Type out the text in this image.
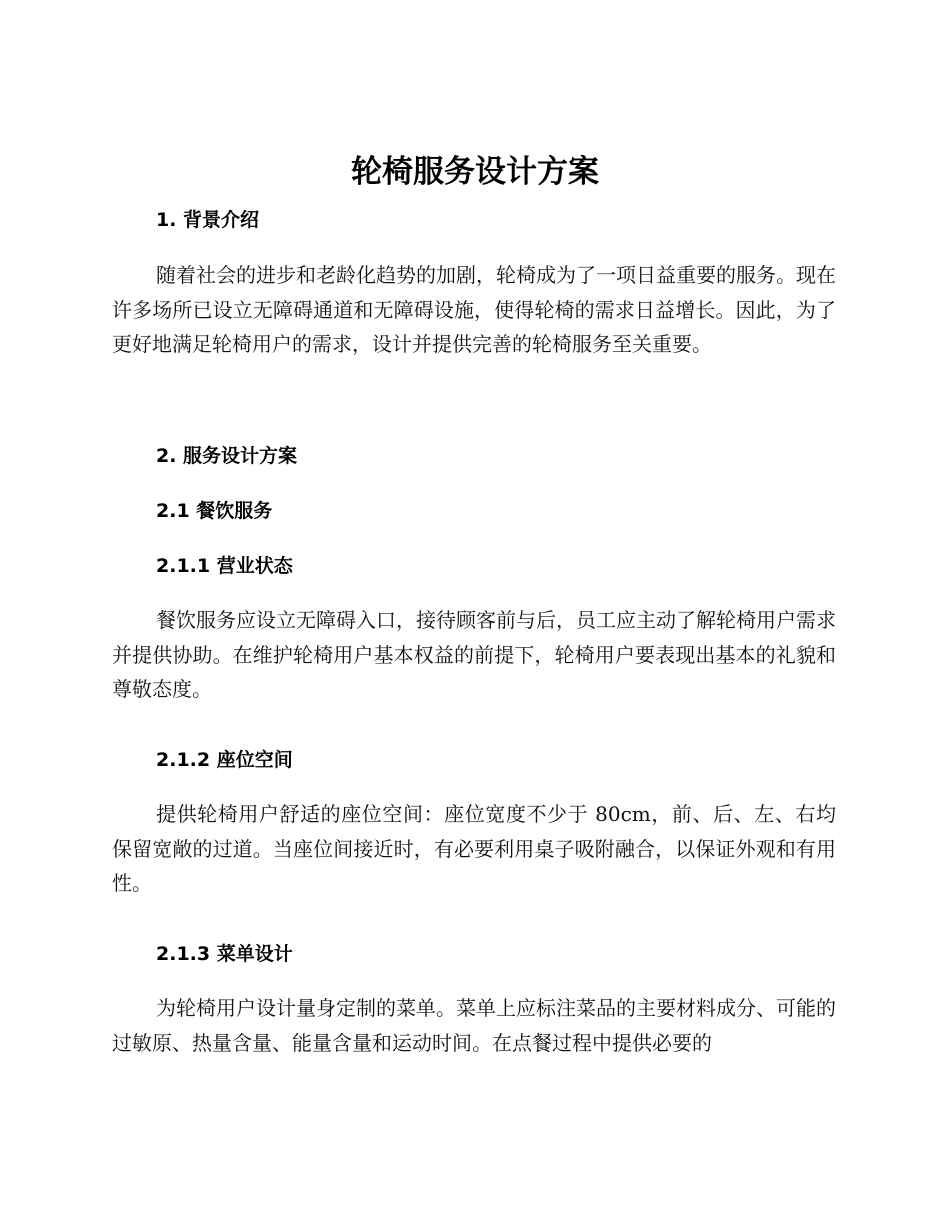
轮椅服务设计方案
1. 背景介绍

随着社会的进步和老龄化趋势的加剧，轮椅成为了一项日益重要的服务。现在许多场所已设立无障碍通道和无障碍设施，使得轮椅的需求日益增长。因此，为了更好地满足轮椅用户的需求，设计并提供完善的轮椅服务至关重要。

2. 服务设计方案
2.1 餐饮服务
2.1.1 营业状态

餐饮服务应设立无障碍入口，接待顾客前与后，员工应主动了解轮椅用户需求并提供协助。在维护轮椅用户基本权益的前提下，轮椅用户要表现出基本的礼貌和尊敬态度。

2.1.2 座位空间

提供轮椅用户舒适的座位空间：座位宽度不少于 80cm，前、后、左、右均保留宽敞的过道。当座位间接近时，有必要利用桌子吸附融合，以保证外观和有用性。

2.1.3 菜单设计

为轮椅用户设计量身定制的菜单。菜单上应标注菜品的主要材料成分、可能的过敏原、热量含量、能量含量和运动时间。在点餐过程中提供必要的
